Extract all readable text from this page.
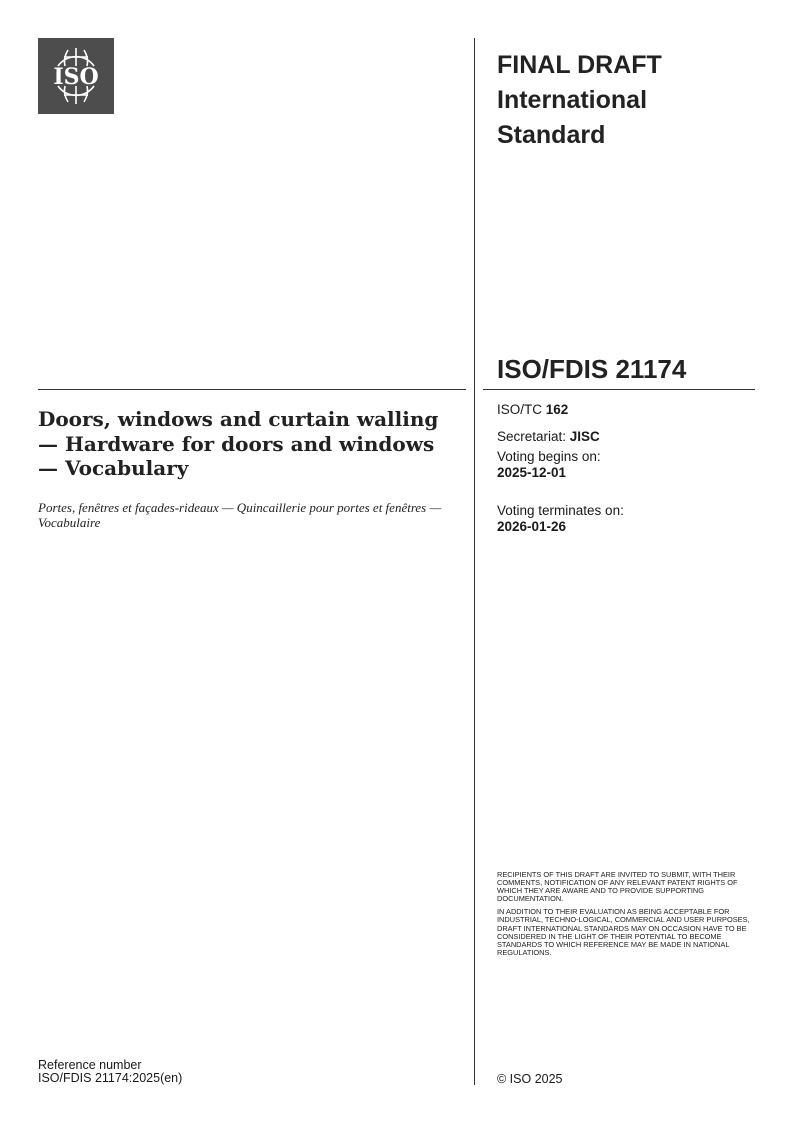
ISO	FINAL DRAFT
International
Standard
ISO/FDIS 21174
Doors, windows and curtain walling — Hardware for doors and windows — Vocabulary
Portes, fenêtres et façades-rideaux — Quincaillerie pour portes et fenêtres — Vocabulaire
ISO/TC 162
Secretariat: JISC
Voting begins on:
2025-12-01
Voting terminates on:
2026-01-26

RECIPIENTS OF THIS DRAFT ARE INVITED TO SUBMIT, WITH THEIR COMMENTS, NOTIFICATION OF ANY RELEVANT PATENT RIGHTS OF WHICH THEY ARE AWARE AND TO PROVIDE SUPPORTING DOCUMENTATION.

IN ADDITION TO THEIR EVALUATION AS BEING ACCEPTABLE FOR INDUSTRIAL, TECHNO-LOGICAL, COMMERCIAL AND USER PURPOSES, DRAFT INTERNATIONAL STANDARDS MAY ON OCCASION HAVE TO BE CONSIDERED IN THE LIGHT OF THEIR POTENTIAL TO BECOME STANDARDS TO WHICH REFERENCE MAY BE MADE IN NATIONAL REGULATIONS.

Reference number
ISO/FDIS 21174:2025(en)	© ISO 2025
